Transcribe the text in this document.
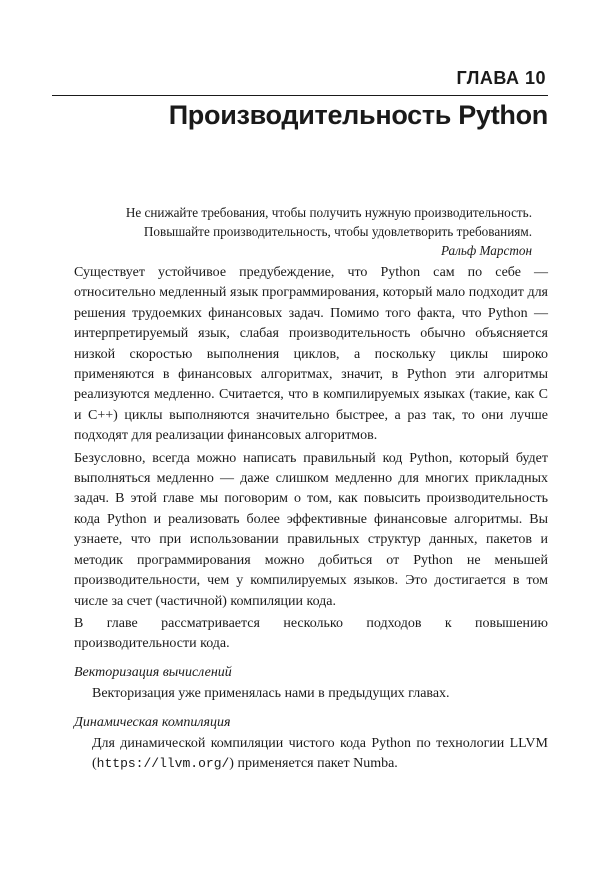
ГЛАВА 10
Производительность Python
Не снижайте требования, чтобы получить нужную производительность.
Повышайте производительность, чтобы удовлетворить требованиям.
Ральф Марстон

Существует устойчивое предубеждение, что Python сам по себе — относительно медленный язык программирования, который мало подходит для решения трудоемких финансовых задач. Помимо того факта, что Python — интерпретируемый язык, слабая производительность обычно объясняется низкой скоростью выполнения циклов, а поскольку циклы широко применяются в финансовых алгоритмах, значит, в Python эти алгоритмы реализуются медленно. Считается, что в компилируемых языках (такие, как C и C++) циклы выполняются значительно быстрее, а раз так, то они лучше подходят для реализации финансовых алгоритмов.

Безусловно, всегда можно написать правильный код Python, который будет выполняться медленно — даже слишком медленно для многих прикладных задач. В этой главе мы поговорим о том, как повысить производительность кода Python и реализовать более эффективные финансовые алгоритмы. Вы узнаете, что при использовании правильных структур данных, пакетов и методик программирования можно добиться от Python не меньшей производительности, чем у компилируемых языков. Это достигается в том числе за счет (частичной) компиляции кода.

В главе рассматривается несколько подходов к повышению производительности кода.

Векторизация вычислений
Векторизация уже применялась нами в предыдущих главах.
Динамическая компиляция
Для динамической компиляции чистого кода Python по технологии LLVM (https://llvm.org/) применяется пакет Numba.
